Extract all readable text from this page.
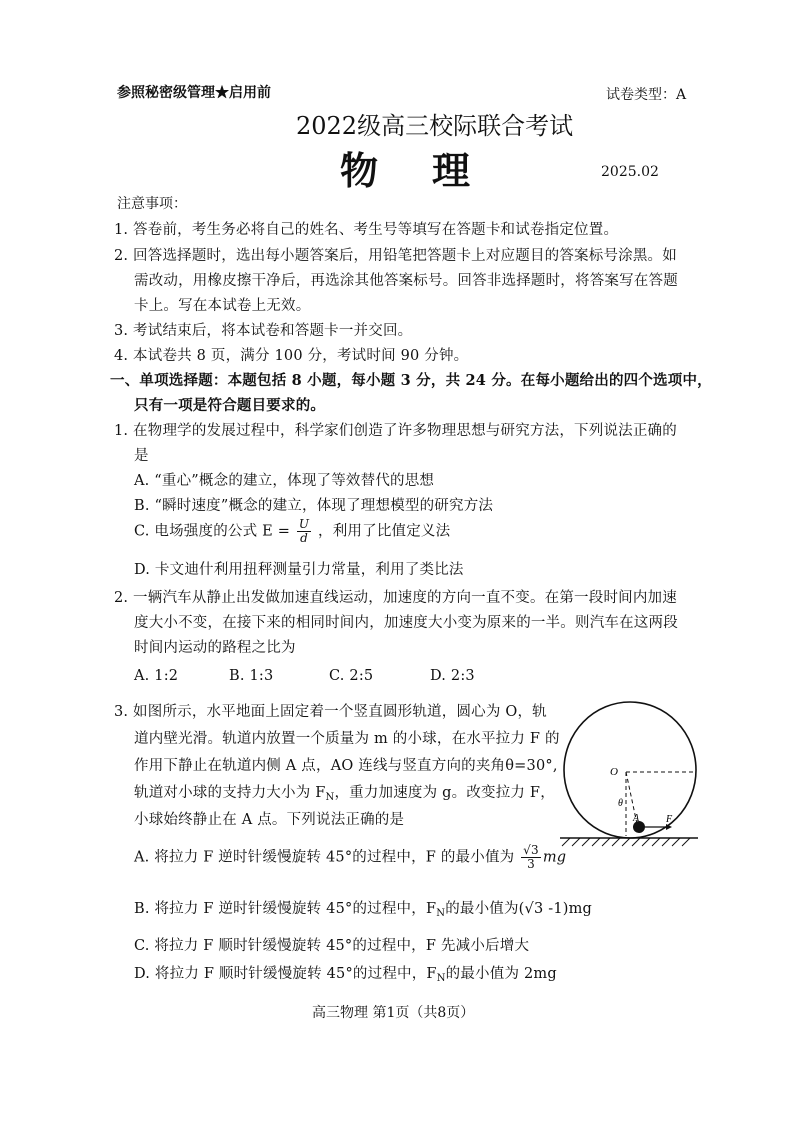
参照秘密级管理★启用前	试卷类型：A
2022级高三校际联合考试
物　理	2025.02
注意事项：
1. 答卷前，考生务必将自己的姓名、考生号等填写在答题卡和试卷指定位置。
2. 回答选择题时，选出每小题答案后，用铅笔把答题卡上对应题目的答案标号涂黑。如
需改动，用橡皮擦干净后，再选涂其他答案标号。回答非选择题时，将答案写在答题
卡上。写在本试卷上无效。
3. 考试结束后，将本试卷和答题卡一并交回。
4. 本试卷共 8 页，满分 100 分，考试时间 90 分钟。
一、单项选择题：本题包括 8 小题，每小题 3 分，共 24 分。在每小题给出的四个选项中，
只有一项是符合题目要求的。
1. 在物理学的发展过程中，科学家们创造了许多物理思想与研究方法，下列说法正确的
是
A. “重心”概念的建立，体现了等效替代的思想
B. “瞬时速度”概念的建立，体现了理想模型的研究方法
C. 电场强度的公式 $E = \frac{U}{d}$ ，利用了比值定义法
D. 卡文迪什利用扭秤测量引力常量，利用了类比法
2. 一辆汽车从静止出发做加速直线运动，加速度的方向一直不变。在第一段时间内加速
度大小不变，在接下来的相同时间内，加速度大小变为原来的一半。则汽车在这两段
时间内运动的路程之比为
A. 1:2	B. 1:3	C. 2:5	D. 2:3
3. 如图所示，水平地面上固定着一个竖直圆形轨道，圆心为 O，轨
道内壁光滑。轨道内放置一个质量为 m 的小球，在水平拉力 F 的
作用下静止在轨道内侧 A 点，AO 连线与竖直方向的夹角θ=30°,
轨道对小球的支持力大小为 $F_N$，重力加速度为 g。改变拉力 F，
小球始终静止在 A 点。下列说法正确的是
A. 将拉力 F 逆时针缓慢旋转 45°的过程中，F 的最小值为 $\frac{√3}{3}$ mg
B. 将拉力 F 逆时针缓慢旋转 45°的过程中，$F_N$的最小值为(√3 -1)mg
C. 将拉力 F 顺时针缓慢旋转 45°的过程中，F 先减小后增大
D. 将拉力 F 顺时针缓慢旋转 45°的过程中，$F_N$的最小值为 2mg
O
θ
A	F
高三物理 第1页（共8页）
